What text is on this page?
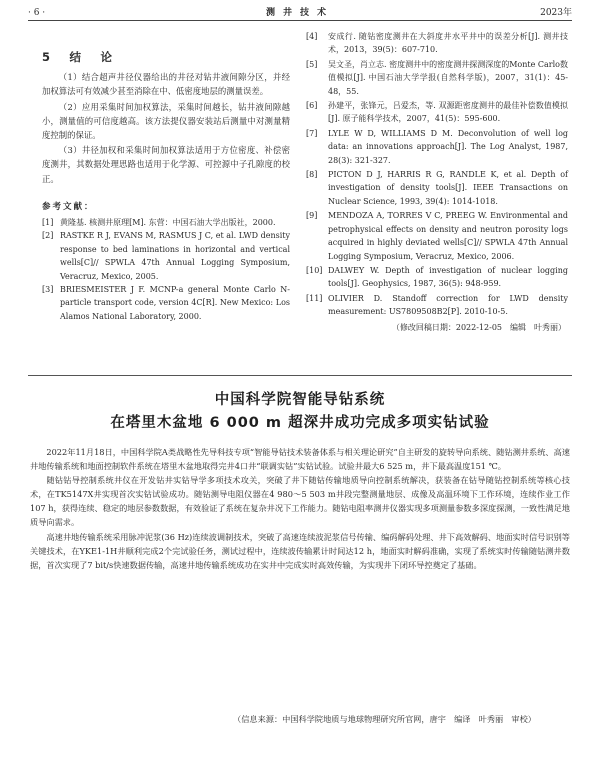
· 6 ·	测井技术	2023年
5　结　论

（1）结合超声井径仪器给出的井径对钻井液间隙分区，并经加权算法可有效减少甚至消除在中、低密度地层的测量误差。

（2）应用采集时间加权算法，采集时间越长，钻井液间隙越小，测量值的可信度越高。该方法提仪器安装站后测量中对测量精度控制的保证。

（3）井径加权和采集时间加权算法适用于方位密度、补偿密度测井，其数据处理思路也适用于化学源、可控源中子孔隙度的校正。

参考文献：
[1] 黄隆基. 核测井原理[M]. 东营：中国石油大学出版社，2000.
[2] RASTKE R J, EVANS M, RASMUS J C, et al. LWD density response to bed laminations in horizontal and vertical wells[C]// SPWLA 47th Annual Logging Symposium, Veracruz, Mexico, 2005.
[3] BRIESMEISTER J F. MCNP-a general Monte Carlo N-particle transport code, version 4C[R]. New Mexico: Los Alamos National Laboratory, 2000.
[4]	安成行. 随钻密度测井在大斜度井水平井中的误差分析[J]. 测井技术，2013，39(5)：607-710.
[5]	吴文圣，肖立志. 密度测井中的密度测井探测深度的Monte Carlo数值模拟[J]. 中国石油大学学报(自然科学版)，2007，31(1)：45-48，55.
[6]	孙建平，张锋元，吕爱杰，等. 双源距密度测井的最佳补偿数值模拟[J]. 原子能科学技术，2007，41(5)：595-600.
[7]	LYLE W D, WILLIAMS D M. Deconvolution of well log data: an innovations approach[J]. The Log Analyst, 1987, 28(3): 321-327.
[8]	PICTON D J, HARRIS R G, RANDLE K, et al. Depth of investigation of density tools[J]. IEEE Transactions on Nuclear Science, 1993, 39(4): 1014-1018.
[9]	MENDOZA A, TORRES V C, PREEG W. Environmental and petrophysical effects on density and neutron porosity logs acquired in highly deviated wells[C]// SPWLA 47th Annual Logging Symposium, Veracruz, Mexico, 2006.
[10] DALWEY W. Depth of investigation of nuclear logging tools[J]. Geophysics, 1987, 36(5): 948-959.
[11] OLIVIER D. Standoff correction for LWD density measurement: US7809508B2[P]. 2010-10-5.
（修改回稿日期：2022-12-05　编辑　叶秀丽）
中国科学院智能导钻系统
在塔里木盆地 6 000 m 超深井成功完成多项实钻试验

2022年11月18日，中国科学院A类战略性先导科技专项“智能导钻技术装备体系与相关理论研究”自主研发的旋转导向系统、随钻测井系统、高速井地传输系统和地面控制软件系统在塔里木盆地取得完井4口井“联调实钻”实钻试验。试验井最大6 525 m，井下最高温度151 ℃。

随钻钻导控制系统井仪在开发钻井实钻导学多项技术攻关，突破了井下随钻传输地质导向控制系统解决，获装备在钻导随钻控制系统等核心技术，在TK5147X井实现首次实钻试验成功。随钻测导电阻仪器在4 980～5 503 m井段完整测量地层、成像及高温环境下工作环境，连续作业工作 107 h，获得连续、稳定的地层参数数据，有效验证了系统在复杂井况下工作能力。随钻电阻率测井仪器实现多项测量参数多深度探测，一致性满足地质导向需求。

高速井地传输系统采用脉冲泥浆(36 Hz)连续波调制技术，突破了高速连续波泥浆信号传输、编码解码处理、井下高效解码、地面实时信号识别等关键技术，在YKE1-1H井顺利完成2个完试验任务，测试过程中，连续波传输累计时间达12 h，地面实时解码准确，实现了系统实时传输随钻测井数据，首次实现了7 bit/s快速数据传输，高速井地传输系统成功在实井中完成实时高效传输，为实现井下闭环导控奠定了基础。

（信息来源：中国科学院地质与地球物理研究所官网，唐宇　编译　叶秀丽　审校）
